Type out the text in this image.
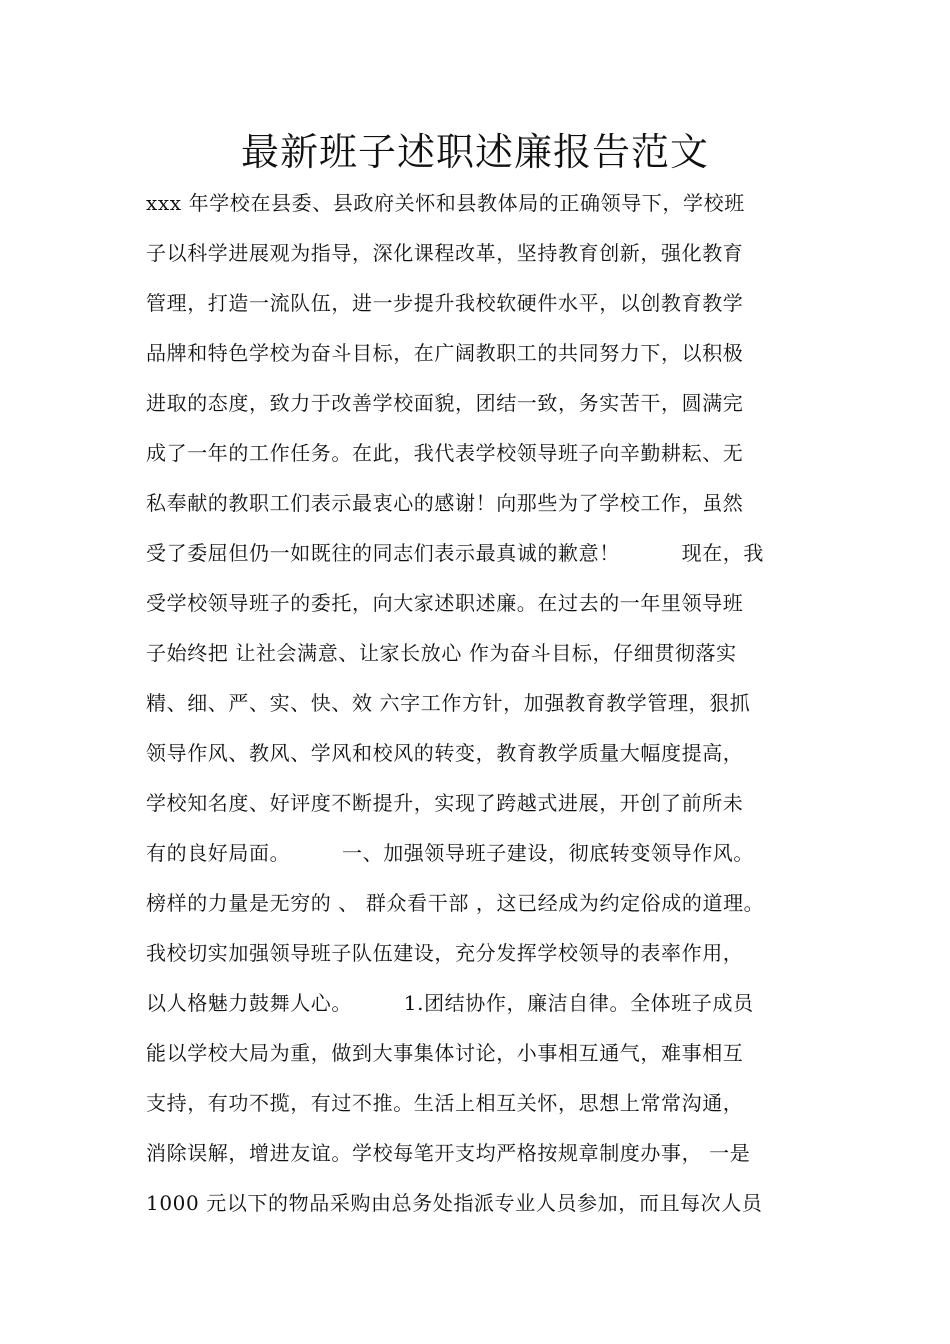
最新班子述职述廉报告范文
xxx 年学校在县委、县政府关怀和县教体局的正确领导下，学校班
子以科学进展观为指导，深化课程改革，坚持教育创新，强化教育
管理，打造一流队伍，进一步提升我校软硬件水平，以创教育教学
品牌和特色学校为奋斗目标，在广阔教职工的共同努力下，以积极
进取的态度，致力于改善学校面貌，团结一致，务实苦干，圆满完
成了一年的工作任务。在此，我代表学校领导班子向辛勤耕耘、无
私奉献的教职工们表示最衷心的感谢！向那些为了学校工作，虽然
受了委屈但仍一如既往的同志们表示最真诚的歉意！　　　现在，我
受学校领导班子的委托，向大家述职述廉。在过去的一年里领导班
子始终把 让社会满意、让家长放心 作为奋斗目标，仔细贯彻落实
精、细、严、实、快、效 六字工作方针，加强教育教学管理，狠抓
领导作风、教风、学风和校风的转变，教育教学质量大幅度提高，
学校知名度、好评度不断提升，实现了跨越式进展，开创了前所未
有的良好局面。　　　一、加强领导班子建设，彻底转变领导作风。
榜样的力量是无穷的 、 群众看干部 ，这已经成为约定俗成的道理。
我校切实加强领导班子队伍建设，充分发挥学校领导的表率作用，
以人格魅力鼓舞人心。　　　1.团结协作，廉洁自律。全体班子成员
能以学校大局为重，做到大事集体讨论，小事相互通气，难事相互
支持，有功不揽，有过不推。生活上相互关怀，思想上常常沟通，
消除误解，增进友谊。学校每笔开支均严格按规章制度办事， 一是
1000 元以下的物品采购由总务处指派专业人员参加，而且每次人员
